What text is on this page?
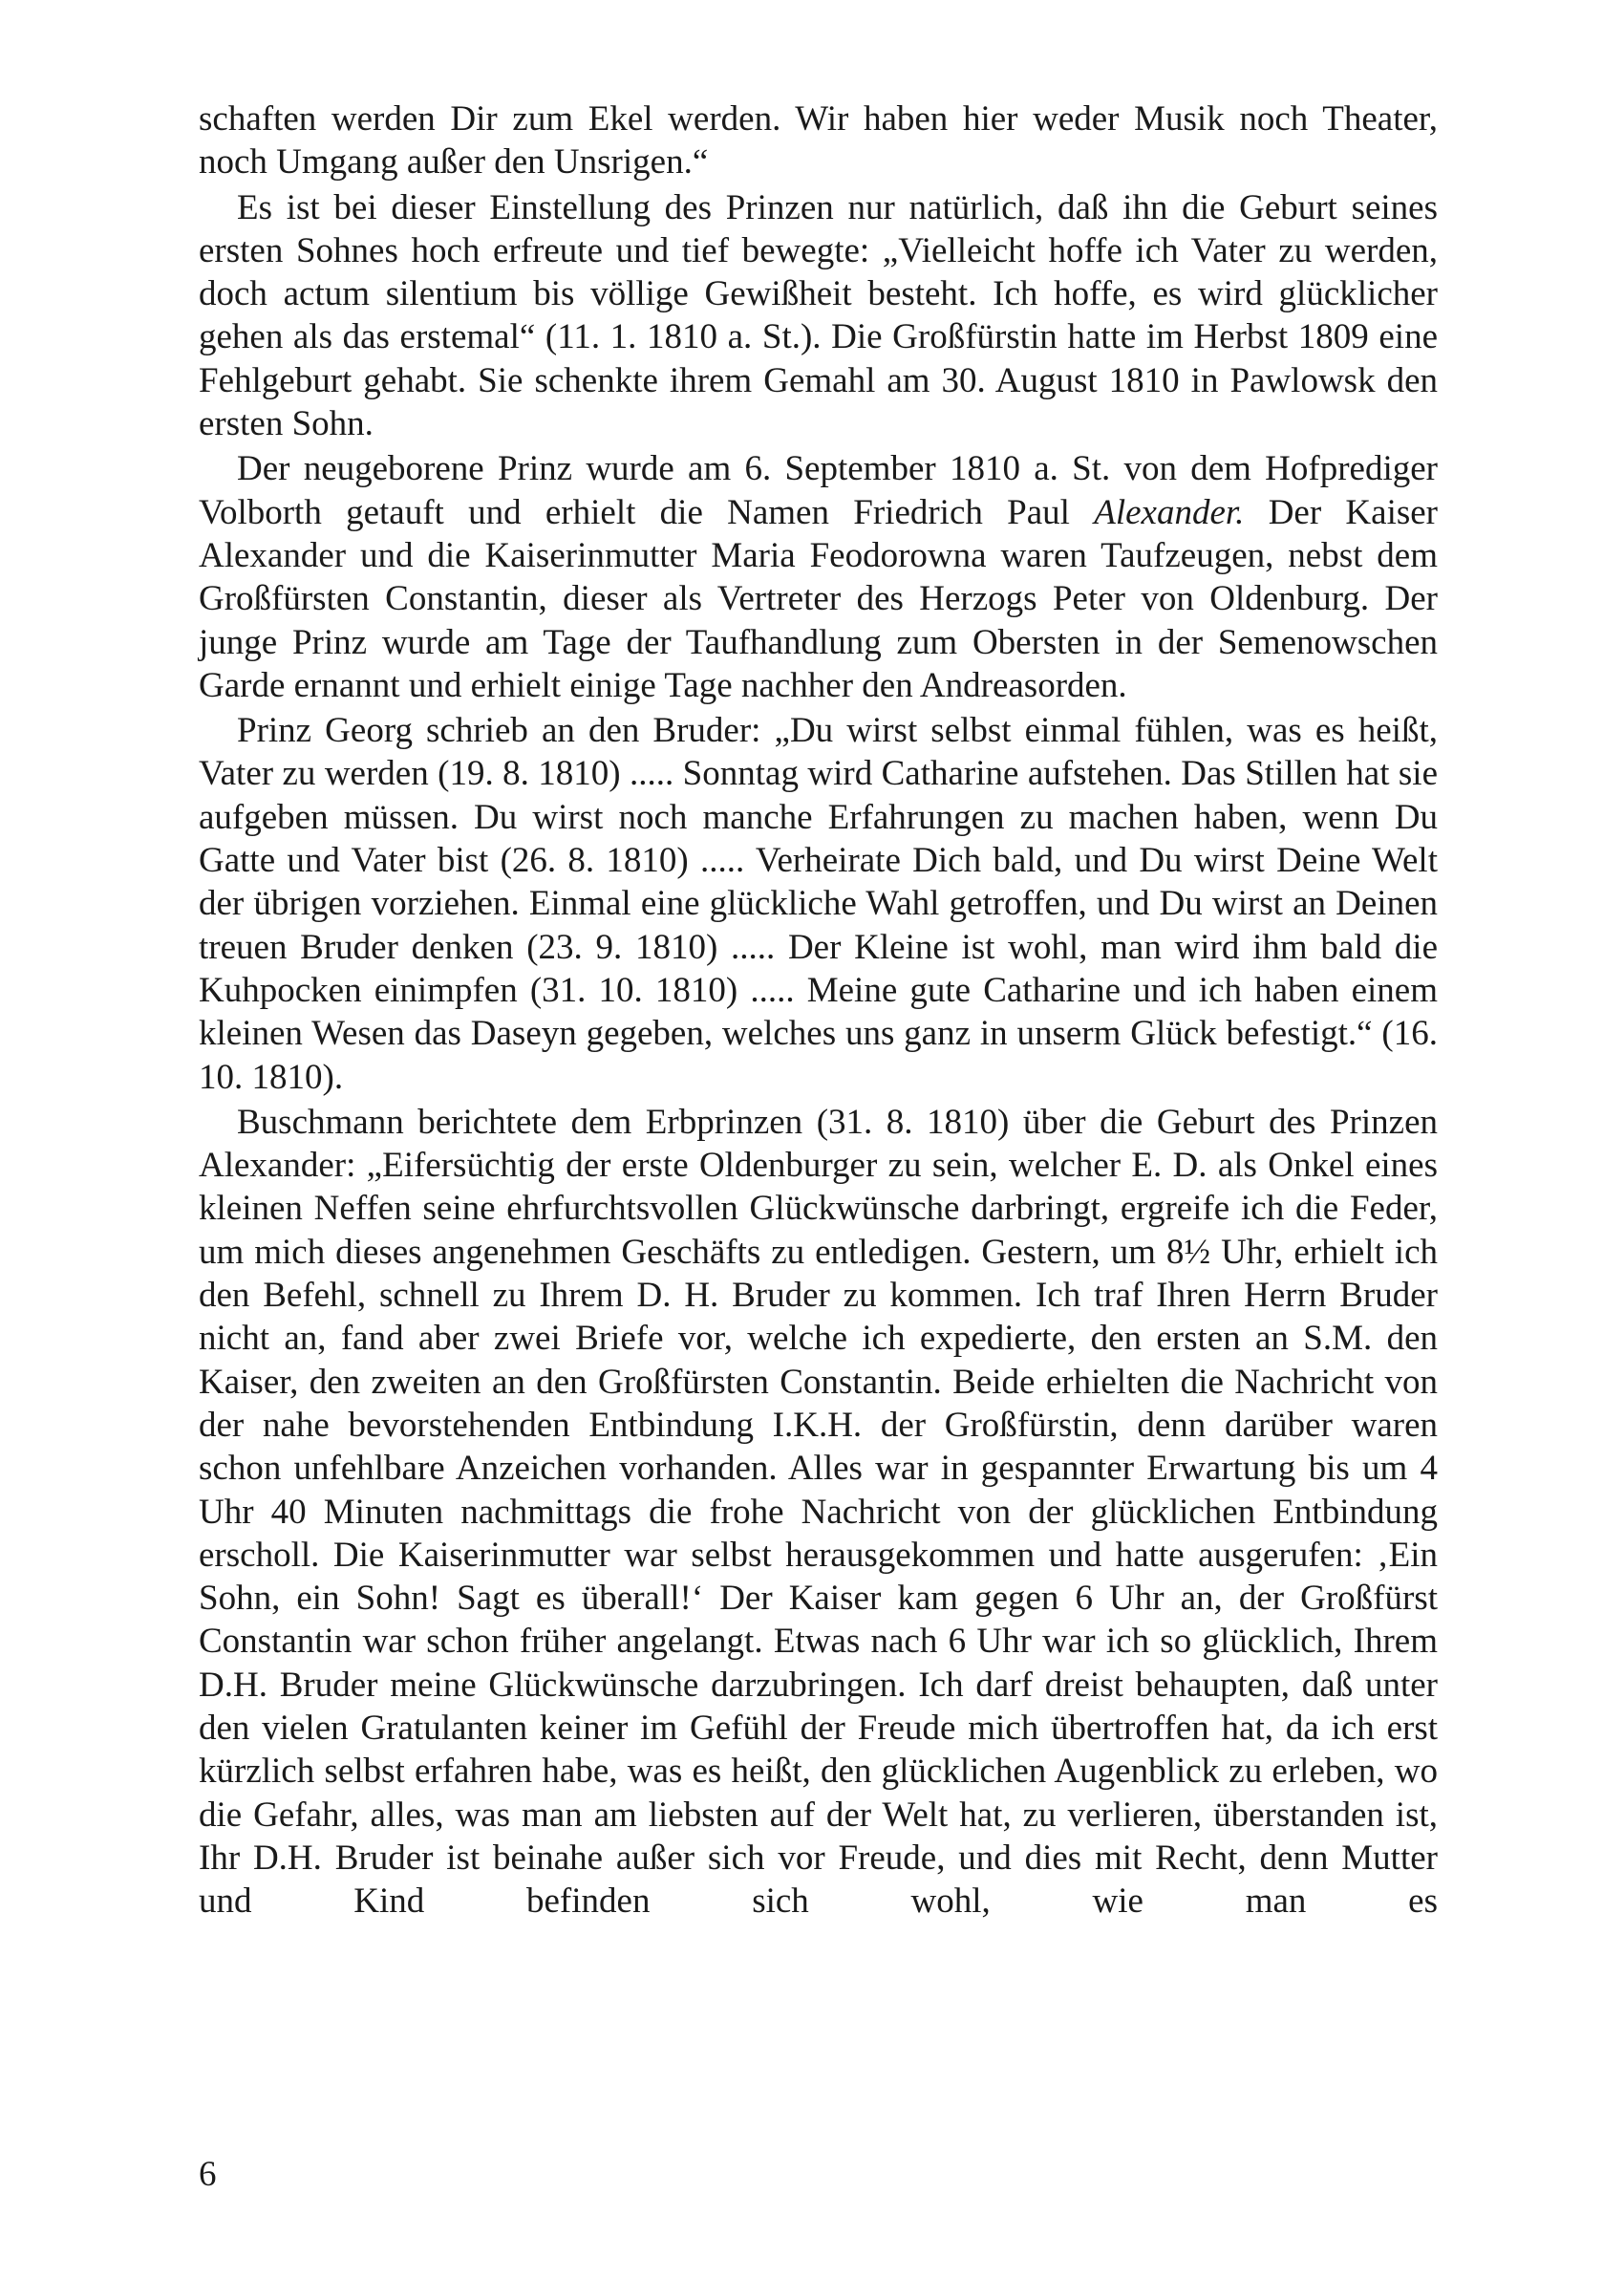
schaften werden Dir zum Ekel werden. Wir haben hier weder Musik noch Theater, noch Umgang außer den Unsrigen.“

Es ist bei dieser Einstellung des Prinzen nur natürlich, daß ihn die Geburt seines ersten Sohnes hoch erfreute und tief bewegte: „Vielleicht hoffe ich Vater zu werden, doch actum silentium bis völlige Gewißheit besteht. Ich hoffe, es wird glücklicher gehen als das erstemal“ (11. 1. 1810 a. St.). Die Großfürstin hatte im Herbst 1809 eine Fehlgeburt gehabt. Sie schenkte ihrem Gemahl am 30. August 1810 in Pawlowsk den ersten Sohn.

Der neugeborene Prinz wurde am 6. September 1810 a. St. von dem Hofprediger Volborth getauft und erhielt die Namen Friedrich Paul Alexander. Der Kaiser Alexander und die Kaiserinmutter Maria Feodorowna waren Taufzeugen, nebst dem Großfürsten Constantin, dieser als Vertreter des Herzogs Peter von Oldenburg. Der junge Prinz wurde am Tage der Taufhandlung zum Obersten in der Semenowschen Garde ernannt und erhielt einige Tage nachher den Andreasorden.

Prinz Georg schrieb an den Bruder: „Du wirst selbst einmal fühlen, was es heißt, Vater zu werden (19. 8. 1810) ..... Sonntag wird Catharine aufstehen. Das Stillen hat sie aufgeben müssen. Du wirst noch manche Erfahrungen zu machen haben, wenn Du Gatte und Vater bist (26. 8. 1810) ..... Verheirate Dich bald, und Du wirst Deine Welt der übrigen vorziehen. Einmal eine glückliche Wahl getroffen, und Du wirst an Deinen treuen Bruder denken (23. 9. 1810) ..... Der Kleine ist wohl, man wird ihm bald die Kuhpocken einimpfen (31. 10. 1810) ..... Meine gute Catharine und ich haben einem kleinen Wesen das Daseyn gegeben, welches uns ganz in unserm Glück befestigt.“ (16. 10. 1810).

Buschmann berichtete dem Erbprinzen (31. 8. 1810) über die Geburt des Prinzen Alexander: „Eifersüchtig der erste Oldenburger zu sein, welcher E. D. als Onkel eines kleinen Neffen seine ehrfurchtsvollen Glückwünsche darbringt, ergreife ich die Feder, um mich dieses angenehmen Geschäfts zu entledigen. Gestern, um 8½ Uhr, erhielt ich den Befehl, schnell zu Ihrem D. H. Bruder zu kommen. Ich traf Ihren Herrn Bruder nicht an, fand aber zwei Briefe vor, welche ich expedierte, den ersten an S.M. den Kaiser, den zweiten an den Großfürsten Constantin. Beide erhielten die Nachricht von der nahe bevorstehenden Entbindung I.K.H. der Großfürstin, denn darüber waren schon unfehlbare Anzeichen vorhanden. Alles war in gespannter Erwartung bis um 4 Uhr 40 Minuten nachmittags die frohe Nachricht von der glücklichen Entbindung erscholl. Die Kaiserinmutter war selbst herausgekommen und hatte ausgerufen: ‚Ein Sohn, ein Sohn! Sagt es überall!‘ Der Kaiser kam gegen 6 Uhr an, der Großfürst Constantin war schon früher angelangt. Etwas nach 6 Uhr war ich so glücklich, Ihrem D.H. Bruder meine Glückwünsche darzubringen. Ich darf dreist behaupten, daß unter den vielen Gratulanten keiner im Gefühl der Freude mich übertroffen hat, da ich erst kürzlich selbst erfahren habe, was es heißt, den glücklichen Augenblick zu erleben, wo die Gefahr, alles, was man am liebsten auf der Welt hat, zu verlieren, überstanden ist, Ihr D.H. Bruder ist beinahe außer sich vor Freude, und dies mit Recht, denn Mutter und Kind befinden sich wohl, wie man es

6
